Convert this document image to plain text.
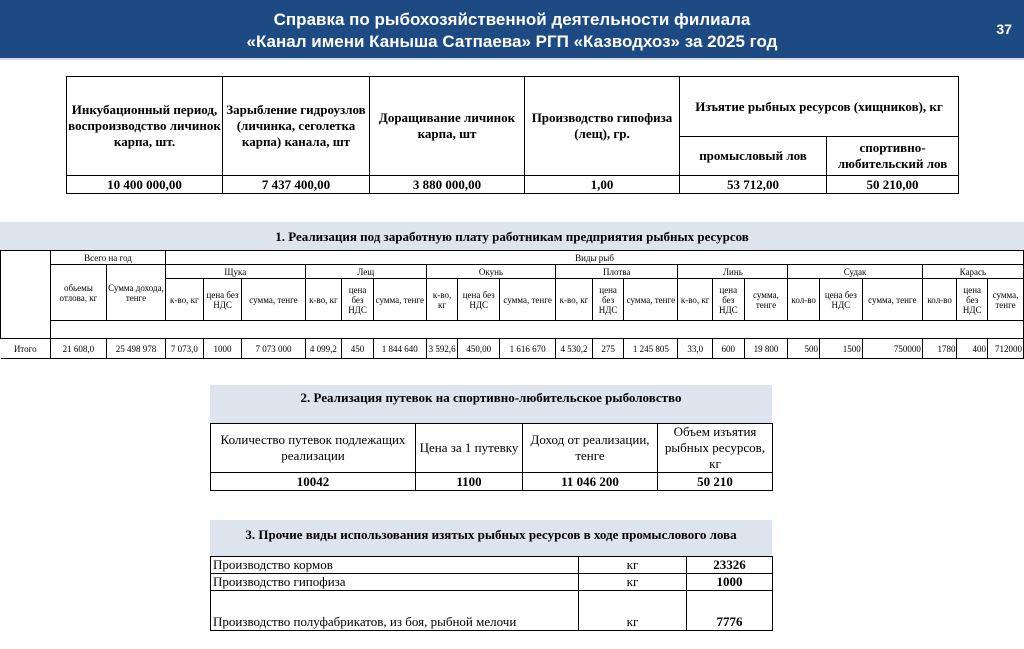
Справка по рыбохозяйственной деятельности филиала
«Канал имени Каныша Сатпаева» РГП «Казводхоз» за 2025 год
37
Инкубационный период, воспроизводство личинок карпа, шт.	Зарыбление гидроузлов (личинка, сеголетка карпа) канала, шт	Доращивание личинок карпа, шт	Производство гипофиза (лещ), гр.	Изъятие рыбных ресурсов (хищников), кг	
				промысловый лов	спортивно-любительский лов
10 400 000,00	7 437 400,00	3 880 000,00	1,00	53 712,00	50 210,00
1. Реализация под заработную плату работникам предприятия рыбных ресурсов
	Всего на год		Виды рыб																				
	обьемы отлова, кг	Сумма дохода, тенге	Щука			Лещ			Окунь			Плотва			Линь			Судак			Карась		
			к-во, кг	цена без НДС	сумма, тенге	к-во, кг	цена без НДС	сумма, тенге	к-во, кг	цена без НДС	сумма, тенге	к-во, кг	цена без НДС	сумма, тенге	к-во, кг	цена без НДС	сумма, тенге	кол-во	цена без НДС	сумма, тенге	кол-во	цена без НДС	сумма, тенге

Итого	21 608,0	25 498 978	7 073,0	1000	7 073 000	4 099,2	450	1 844 640	3 592,6	450,00	1 616 670	4 530,2	275	1 245 805	33,0	600	19 800	500	1500	750000	1780	400	712000
2. Реализация путевок на спортивно-любительское рыболовство
Количество путевок подлежащих реализации	Цена за 1 путевку	Доход от реализации, тенге	Объем изъятия рыбных ресурсов, кг
10042	1100	11 046 200	50 210
3. Прочие виды использования изятых рыбных ресурсов в ходе промыслового лова
Производство кормов	кг	23326
Производство гипофиза	кг	1000
Производство полуфабрикатов, из боя, рыбной мелочи	кг	7776
